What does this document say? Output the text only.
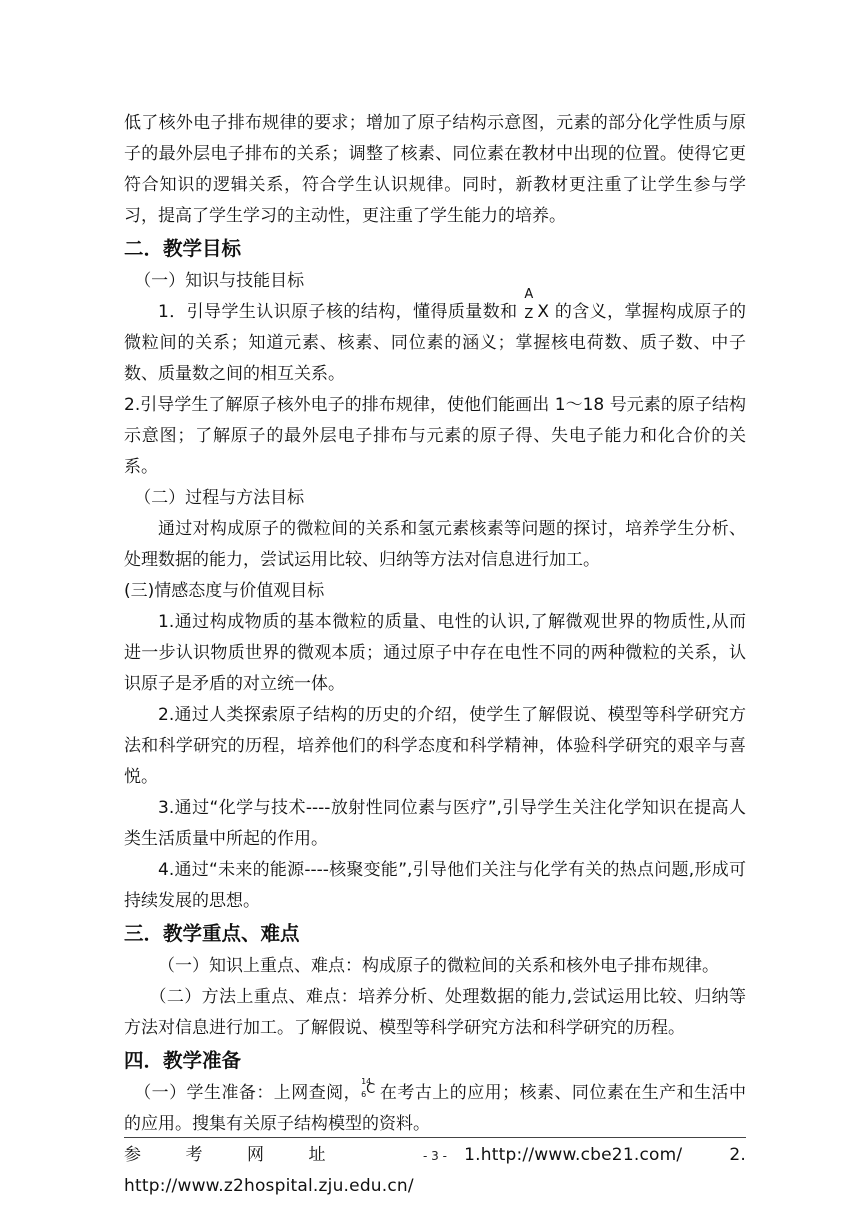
低了核外电子排布规律的要求；增加了原子结构示意图，元素的部分化学性质与原子的最外层电子排布的关系；调整了核素、同位素在教材中出现的位置。使得它更符合知识的逻辑关系，符合学生认识规律。同时，新教材更注重了让学生参与学习，提高了学生学习的主动性，更注重了学生能力的培养。

二．教学目标

（一）知识与技能目标

1．引导学生认识原子核的结构，懂得质量数和
A
Z X 的含义，掌握构成原子的微粒间的关系；知道元素、核素、同位素的涵义；掌握核电荷数、质子数、中子数、质量数之间的相互关系。

2.引导学生了解原子核外电子的排布规律，使他们能画出 1～18 号元素的原子结构示意图；了解原子的最外层电子排布与元素的原子得、失电子能力和化合价的关系。

（二）过程与方法目标

通过对构成原子的微粒间的关系和氢元素核素等问题的探讨，培养学生分析、处理数据的能力，尝试运用比较、归纳等方法对信息进行加工。

(三)情感态度与价值观目标

1.通过构成物质的基本微粒的质量、电性的认识,了解微观世界的物质性,从而进一步认识物质世界的微观本质；通过原子中存在电性不同的两种微粒的关系，认识原子是矛盾的对立统一体。

2.通过人类探索原子结构的历史的介绍，使学生了解假说、模型等科学研究方法和科学研究的历程，培养他们的科学态度和科学精神，体验科学研究的艰辛与喜悦。

3.通过“化学与技术----放射性同位素与医疗”,引导学生关注化学知识在提高人类生活质量中所起的作用。

4.通过“未来的能源----核聚变能”,引导他们关注与化学有关的热点问题,形成可持续发展的思想。

三．教学重点、难点

（一）知识上重点、难点：构成原子的微粒间的关系和核外电子排布规律。

（二）方法上重点、难点：培养分析、处理数据的能力,尝试运用比较、归纳等方法对信息进行加工。了解假说、模型等科学研究方法和科学研究的历程。

四．教学准备

（一）学生准备：上网查阅，
14
6 C
在考古上的应用；核素、同位素在生产和生活中的应用。搜集有关原子结构模型的资料。

参考网址	1.http://www.cbe21.com/ 2. http://www.z2hospital.zju.edu.cn/

- 3 -
